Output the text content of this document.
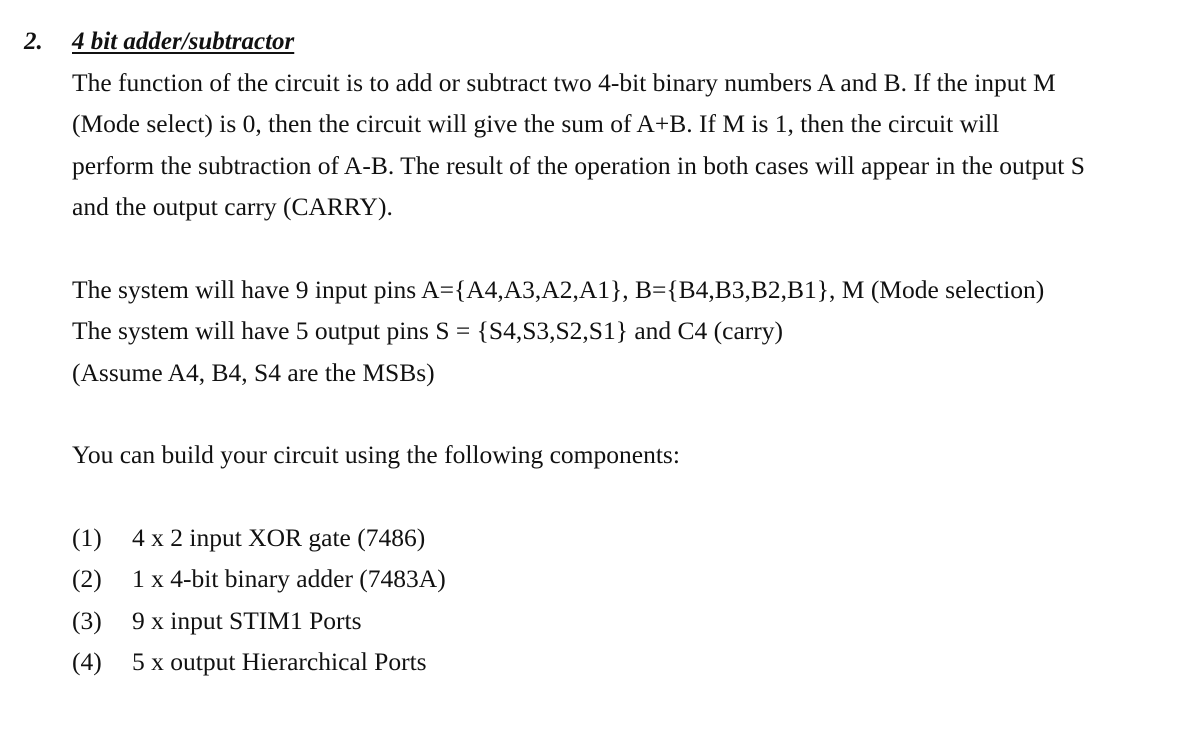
2. 4 bit adder/subtractor
The function of the circuit is to add or subtract two 4-bit binary numbers A and B. If the input M
(Mode select) is 0, then the circuit will give the sum of A+B. If M is 1, then the circuit will
perform the subtraction of A-B. The result of the operation in both cases will appear in the output S
and the output carry (CARRY).
The system will have 9 input pins A={A4,A3,A2,A1}, B={B4,B3,B2,B1}, M (Mode selection)
The system will have 5 output pins S = {S4,S3,S2,S1} and C4 (carry)
(Assume A4, B4, S4 are the MSBs)
You can build your circuit using the following components:
(1) 4 x 2 input XOR gate (7486)
(2) 1 x 4-bit binary adder (7483A)
(3) 9 x input STIM1 Ports
(4) 5 x output Hierarchical Ports
